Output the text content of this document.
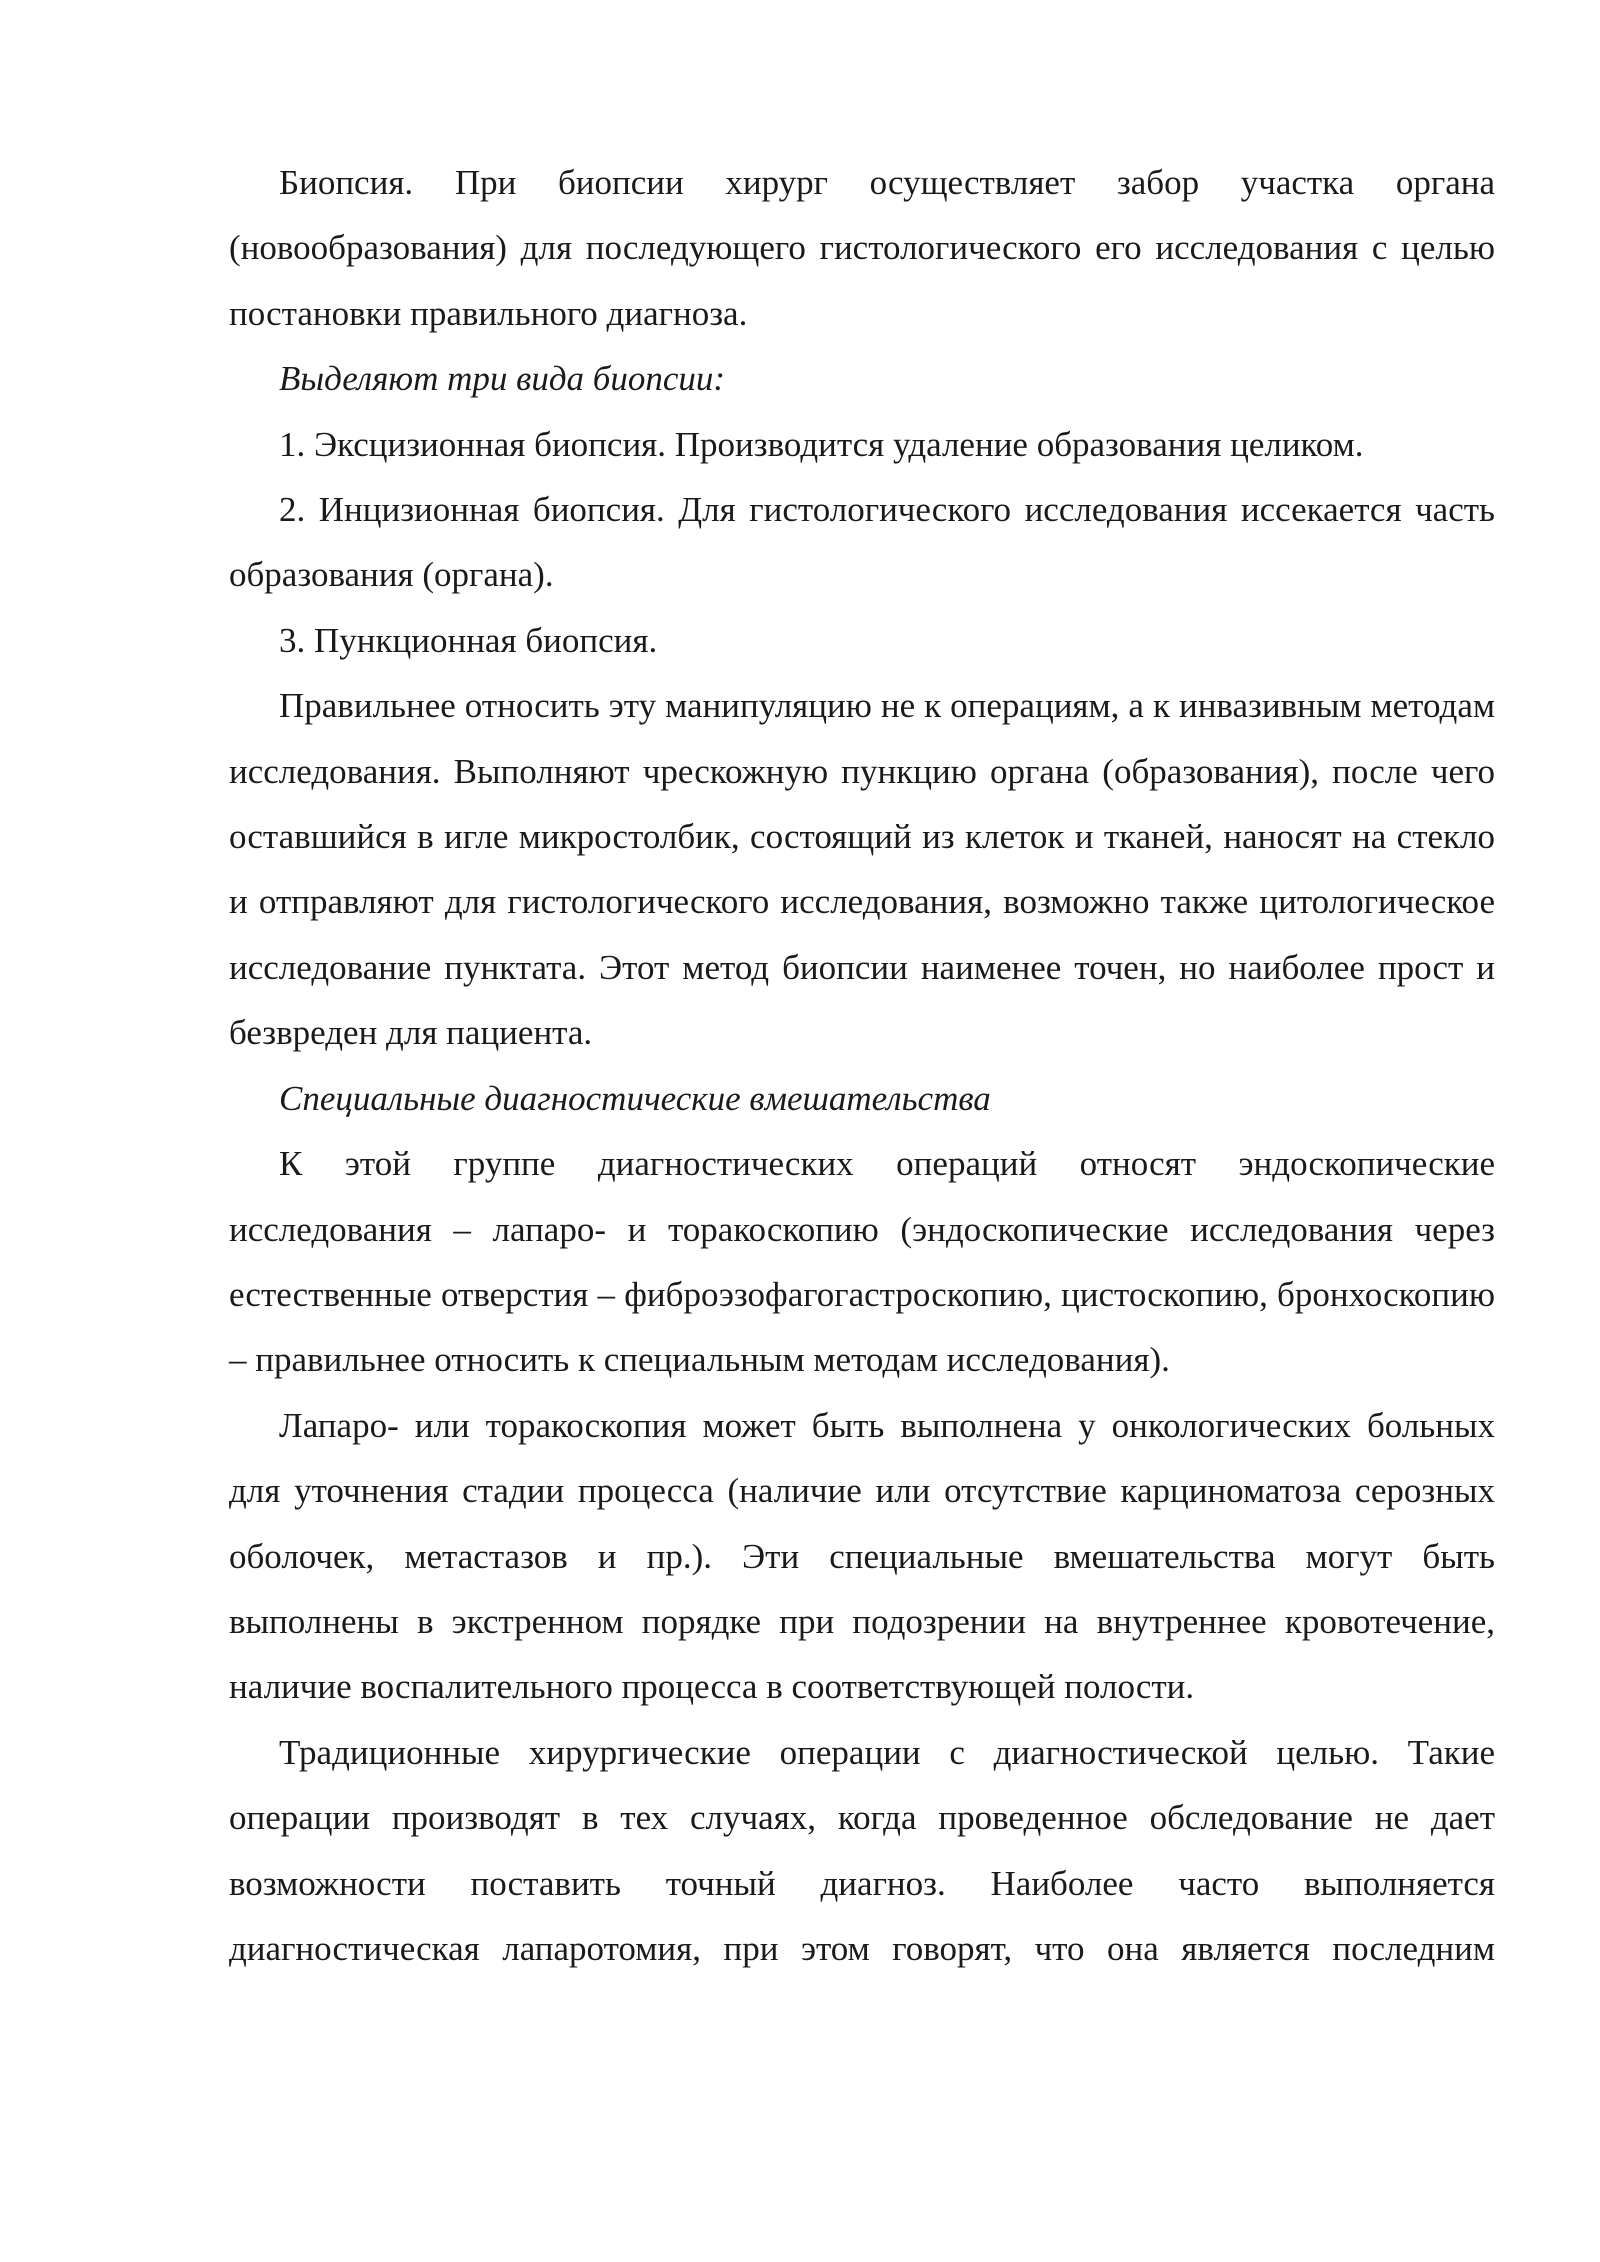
Биопсия. При биопсии хирург осуществляет забор участка органа (новообразования) для последующего гистологического его исследования с целью постановки правильного диагноза.

Выделяют три вида биопсии:

1. Эксцизионная биопсия. Производится удаление образования целиком.

2. Инцизионная биопсия. Для гистологического исследования иссекается часть образования (органа).

3. Пункционная биопсия.

Правильнее относить эту манипуляцию не к операциям, а к инвазивным методам исследования. Выполняют чрескожную пункцию органа (образования), после чего оставшийся в игле микростолбик, состоящий из клеток и тканей, наносят на стекло и отправляют для гистологического исследования, возможно также цитологическое исследование пунктата. Этот метод биопсии наименее точен, но наиболее прост и безвреден для пациента.

Специальные диагностические вмешательства

К этой группе диагностических операций относят эндоскопические исследования – лапаро- и торакоскопию (эндоскопические исследования через естественные отверстия – фиброэзофагогастроскопию, цистоскопию, бронхоскопию – правильнее относить к специальным методам исследования).

Лапаро- или торакоскопия может быть выполнена у онкологических больных для уточнения стадии процесса (наличие или отсутствие карциноматоза серозных оболочек, метастазов и пр.). Эти специальные вмешательства могут быть выполнены в экстренном порядке при подозрении на внутреннее кровотечение, наличие воспалительного процесса в соответствующей полости.

Традиционные хирургические операции с диагностической целью. Такие операции производят в тех случаях, когда проведенное обследование не дает возможности поставить точный диагноз. Наиболее часто выполняется диагностическая лапаротомия, при этом говорят, что она является последним
